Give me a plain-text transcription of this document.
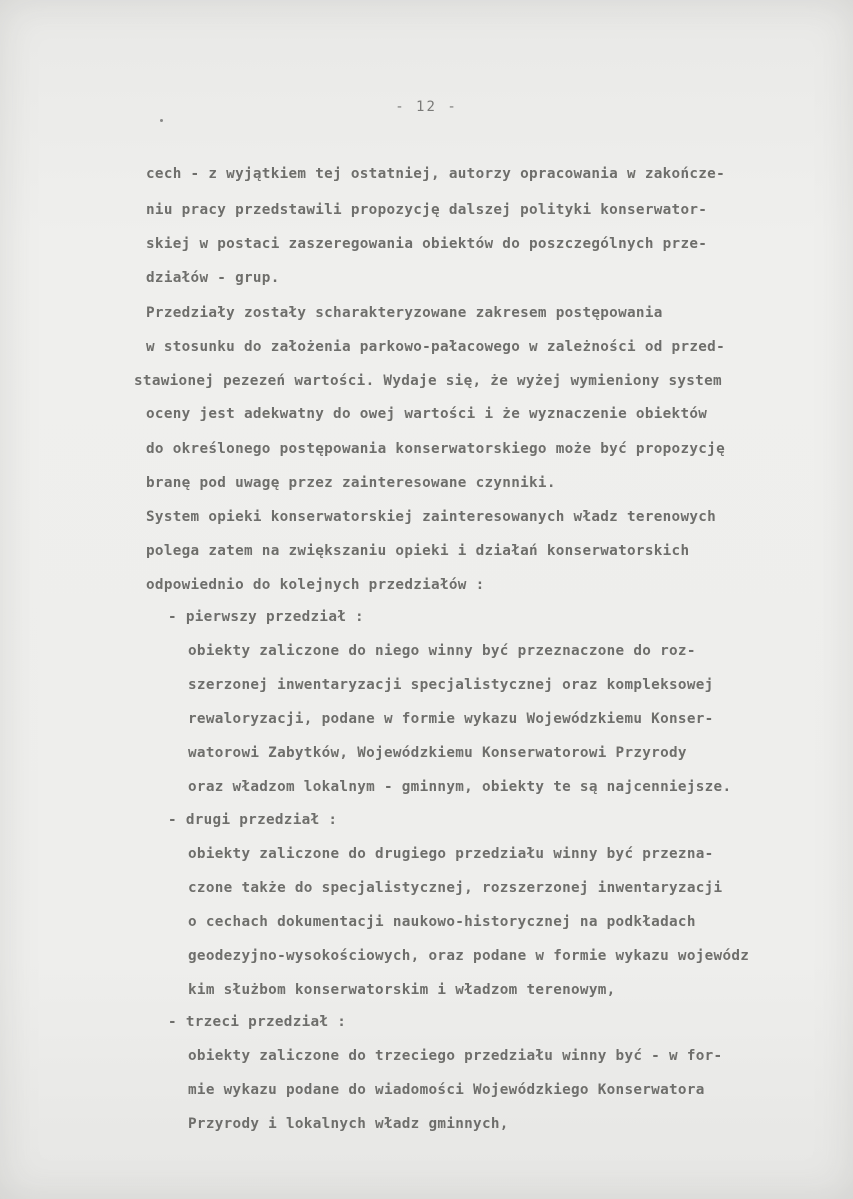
- 12 -
cech - z wyjątkiem tej ostatniej, autorzy opracowania w zakończe-
niu pracy przedstawili propozycję dalszej polityki konserwator-
skiej w postaci zaszeregowania obiektów do poszczególnych prze-
działów - grup.
Przedziały zostały scharakteryzowane zakresem postępowania
w stosunku do założenia parkowo-pałacowego w zależności od przed-
stawionej pezezeń wartości. Wydaje się, że wyżej wymieniony system
oceny jest adekwatny do owej wartości i że wyznaczenie obiektów
do określonego postępowania konserwatorskiego może być propozycję
branę pod uwagę przez zainteresowane czynniki.
System opieki konserwatorskiej zainteresowanych władz terenowych
polega zatem na zwiększaniu opieki i działań konserwatorskich
odpowiednio do kolejnych przedziałów :
- pierwszy przedział :
obiekty zaliczone do niego winny być przeznaczone do roz-
szerzonej inwentaryzacji specjalistycznej oraz kompleksowej
rewaloryzacji, podane w formie wykazu Wojewódzkiemu Konser-
watorowi Zabytków, Wojewódzkiemu Konserwatorowi Przyrody
oraz władzom lokalnym - gminnym, obiekty te są najcenniejsze.
- drugi przedział :
obiekty zaliczone do drugiego przedziału winny być przezna-
czone także do specjalistycznej, rozszerzonej inwentaryzacji
o cechach dokumentacji naukowo-historycznej na podkładach
geodezyjno-wysokościowych, oraz podane w formie wykazu wojewódz
kim służbom konserwatorskim i władzom terenowym,
- trzeci przedział :
obiekty zaliczone do trzeciego przedziału winny być - w for-
mie wykazu podane do wiadomości Wojewódzkiego Konserwatora
Przyrody i lokalnych władz gminnych,
